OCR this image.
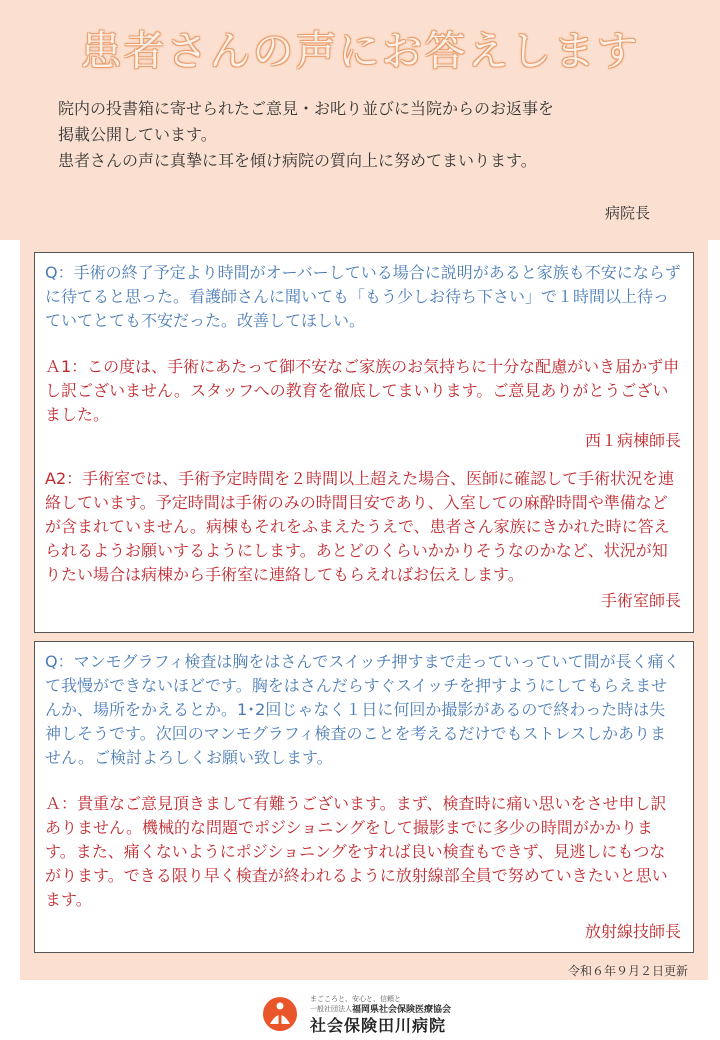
患者さんの声にお答えします

院内の投書箱に寄せられたご意見・お叱り並びに当院からのお返事を

掲載公開しています。

患者さんの声に真摯に耳を傾け病院の質向上に努めてまいります。

病院長

Q：手術の終了予定より時間がオーバーしている場合に説明があると家族も不安にならずに待てると思った。看護師さんに聞いても「もう少しお待ち下さい」で１時間以上待っていてとても不安だった。改善してほしい。

Ａ1：この度は、手術にあたって御不安なご家族のお気持ちに十分な配慮がいき届かず申し訳ございません。スタッフへの教育を徹底してまいります。ご意見ありがとうございました。

西１病棟師長

A2：手術室では、手術予定時間を２時間以上超えた場合、医師に確認して手術状況を連絡しています。予定時間は手術のみの時間目安であり、入室しての麻酔時間や準備などが含まれていません。病棟もそれをふまえたうえで、患者さん家族にきかれた時に答えられるようお願いするようにします。あとどのくらいかかりそうなのかなど、状況が知りたい場合は病棟から手術室に連絡してもらえればお伝えします。

手術室師長

Q：マンモグラフィ検査は胸をはさんでスイッチ押すまで走っていっていて間が長く痛くて我慢ができないほどです。胸をはさんだらすぐスイッチを押すようにしてもらえませんか、場所をかえるとか。1･2回じゃなく１日に何回か撮影があるので終わった時は失神しそうです。次回のマンモグラフィ検査のことを考えるだけでもストレスしかありません。ご検討よろしくお願い致します。

Ａ：貴重なご意見頂きまして有難うございます。まず、検査時に痛い思いをさせ申し訳ありません。機械的な問題でポジショニングをして撮影までに多少の時間がかかります。また、痛くないようにポジショニングをすれば良い検査もできず、見逃しにもつながります。できる限り早く検査が終われるように放射線部全員で努めていきたいと思います。

放射線技師長

令和６年９月２日更新
まごころと、安心と、信頼と
一般社団法人 福岡県社会保険医療協会
社会保険田川病院
